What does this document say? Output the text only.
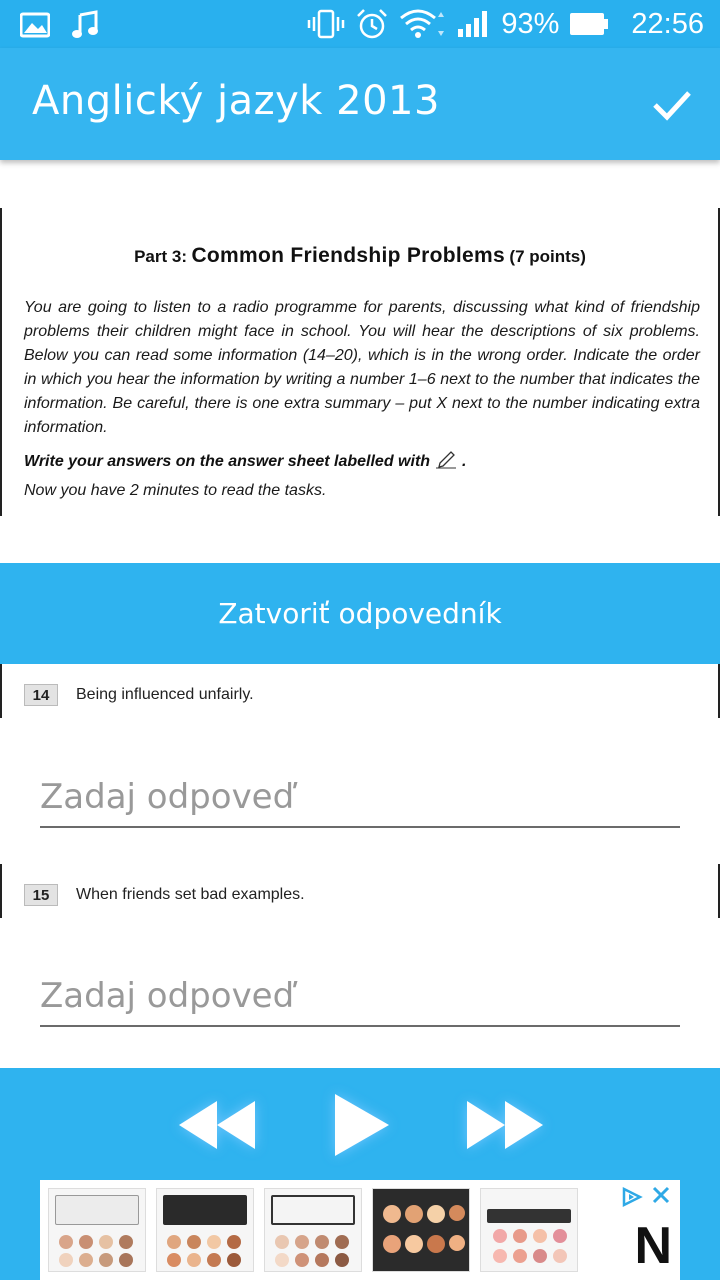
93% 22:56
Anglický jazyk 2013
Part 3: Common Friendship Problems (7 points)
You are going to listen to a radio programme for parents, discussing what kind of friendship problems their children might face in school. You will hear the descriptions of six problems. Below you can read some information (14–20), which is in the wrong order. Indicate the order in which you hear the information by writing a number 1–6 next to the number that indicates the information. Be careful, there is one extra summary – put X next to the number indicating extra information.
Write your answers on the answer sheet labelled with .
Now you have 2 minutes to read the tasks.
Zatvoriť odpovedník
14	Being influenced unfairly.
Zadaj odpoveď
15	When friends set bad examples.
Zadaj odpoveď
N
